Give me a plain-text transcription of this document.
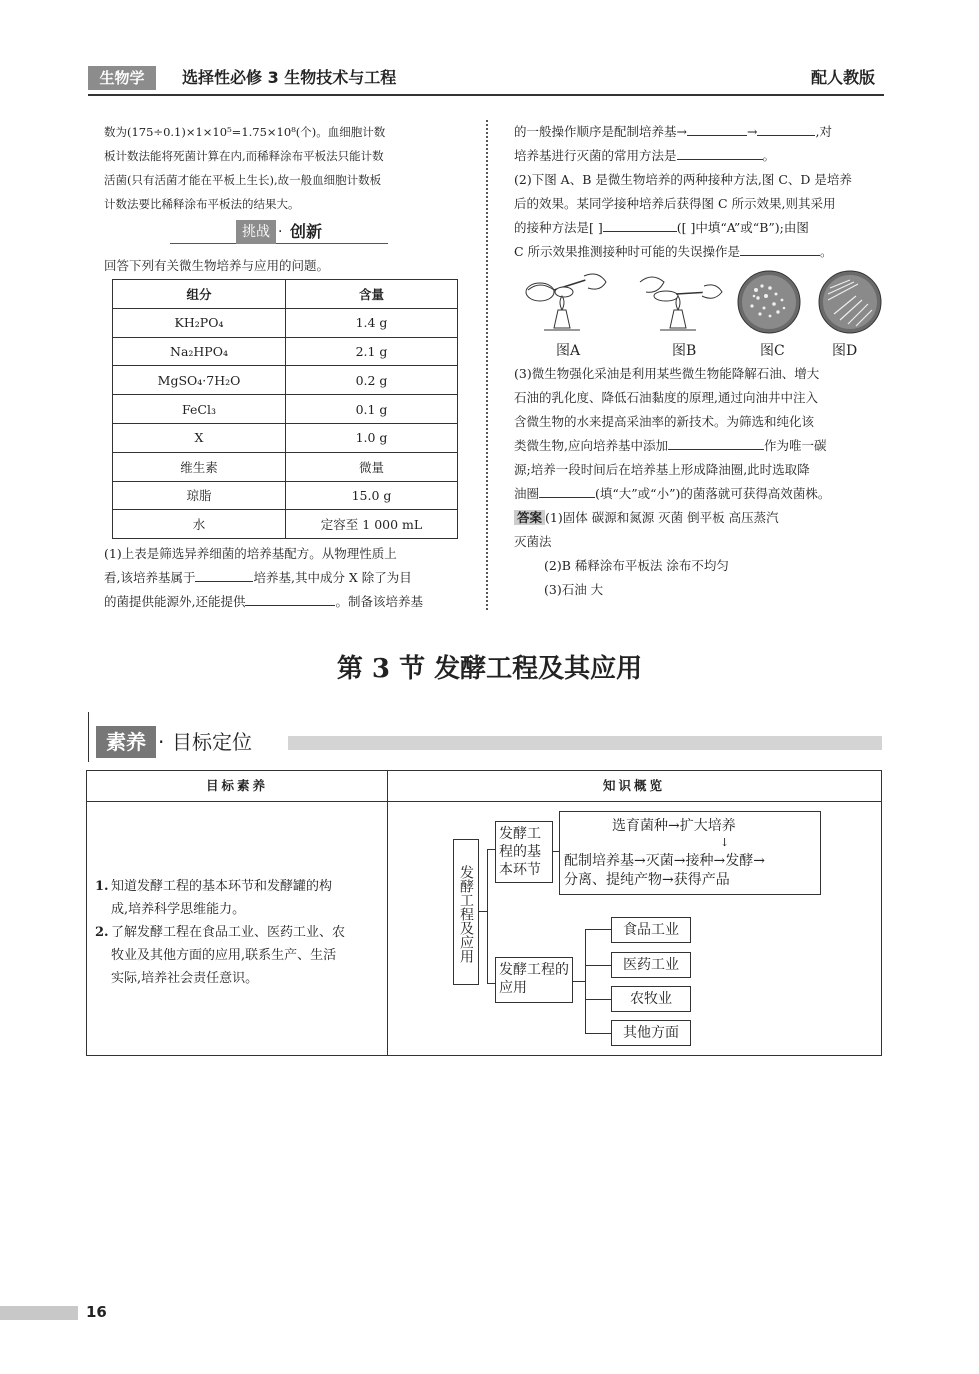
生物学	选择性必修 3 生物技术与工程	配人教版

数为(175÷0.1)×1×10⁵=1.75×10⁸(个)。血细胞计数

板计数法能将死菌计算在内,而稀释涂布平板法只能计数

活菌(只有活菌才能在平板上生长),故一般血细胞计数板

计数法要比稀释涂布平板法的结果大。

挑战 · 创新
回答下列有关微生物培养与应用的问题。
组分	含量
KH₂PO₄	1.4 g
Na₂HPO₄	2.1 g
MgSO₄·7H₂O	0.2 g
FeCl₃	0.1 g
X	1.0 g
维生素	微量
琼脂	15.0 g
水	定容至 1 000 mL

(1)上表是筛选异养细菌的培养基配方。从物理性质上

看,该培养基属于	培养基,其中成分 X 除了为目

的菌提供能源外,还能提供	。制备该培养基

的一般操作顺序是配制培养基→	→	,对

培养基进行灭菌的常用方法是	。

(2)下图 A、B 是微生物培养的两种接种方法,图 C、D 是培养

后的效果。某同学接种培养后获得图 C 所示效果,则其采用

的接种方法是[ ]	([ ]中填“A”或“B”);由图

C 所示效果推测接种时可能的失误操作是	。

图A	图B	图C	图D

(3)微生物强化采油是利用某些微生物能降解石油、增大

石油的乳化度、降低石油黏度的原理,通过向油井中注入

含微生物的水来提高采油率的新技术。为筛选和纯化该

类微生物,应向培养基中添加	作为唯一碳

源;培养一段时间后在培养基上形成降油圈,此时选取降

油圈	(填“大”或“小”)的菌落就可获得高效菌株。

答案 (1)固体 碳源和氮源 灭菌 倒平板 高压蒸汽

灭菌法

(2)B 稀释涂布平板法 涂布不均匀

(3)石油 大

第 3 节 发酵工程及其应用
素养 · 目标定位
目标素养	知识概览
1. 知道发酵工程的基本环节和发酵罐的构
成,培养科学思维能力。
2. 了解发酵工程在食品工业、医药工业、农
牧业及其他方面的应用,联系生产、生活
实际,培养社会责任意识。
发酵工程及应用
发酵工程的基本环节
选育菌种→扩大培养
↓
配制培养基→灭菌→接种→发酵→
分离、提纯产物→获得产品
发酵工程的应用
食品工业
医药工业
农牧业
其他方面
16
